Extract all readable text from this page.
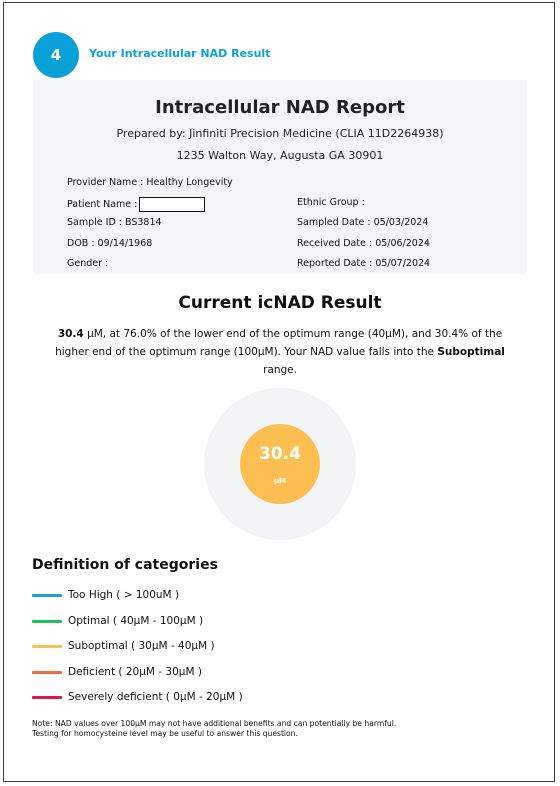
4	Your Intracellular NAD Result
Intracellular NAD Report
Prepared by: Jinfiniti Precision Medicine (CLIA 11D2264938)
1235 Walton Way, Augusta GA 30901
Provider Name : Healthy Longevity
Patient Name :
Sample ID : BS3814
DOB : 09/14/1968
Gender :
Ethnic Group :
Sampled Date : 05/03/2024
Received Date : 05/06/2024
Reported Date : 05/07/2024
Current icNAD Result
30.4 µM, at 76.0% of the lower end of the optimum range (40µM), and 30.4% of the higher end of the optimum range (100µM). Your NAD value falls into the Suboptimal range.
30.4
µM
Definition of categories
Too High ( > 100uM )
Optimal ( 40µM - 100µM )
Suboptimal ( 30µM - 40µM )
Deficient ( 20µM - 30µM )
Severely deficient ( 0µM - 20µM )
Note: NAD values over 100µM may not have additional benefits and can potentially be harmful.
Testing for homocysteine level may be useful to answer this question.
